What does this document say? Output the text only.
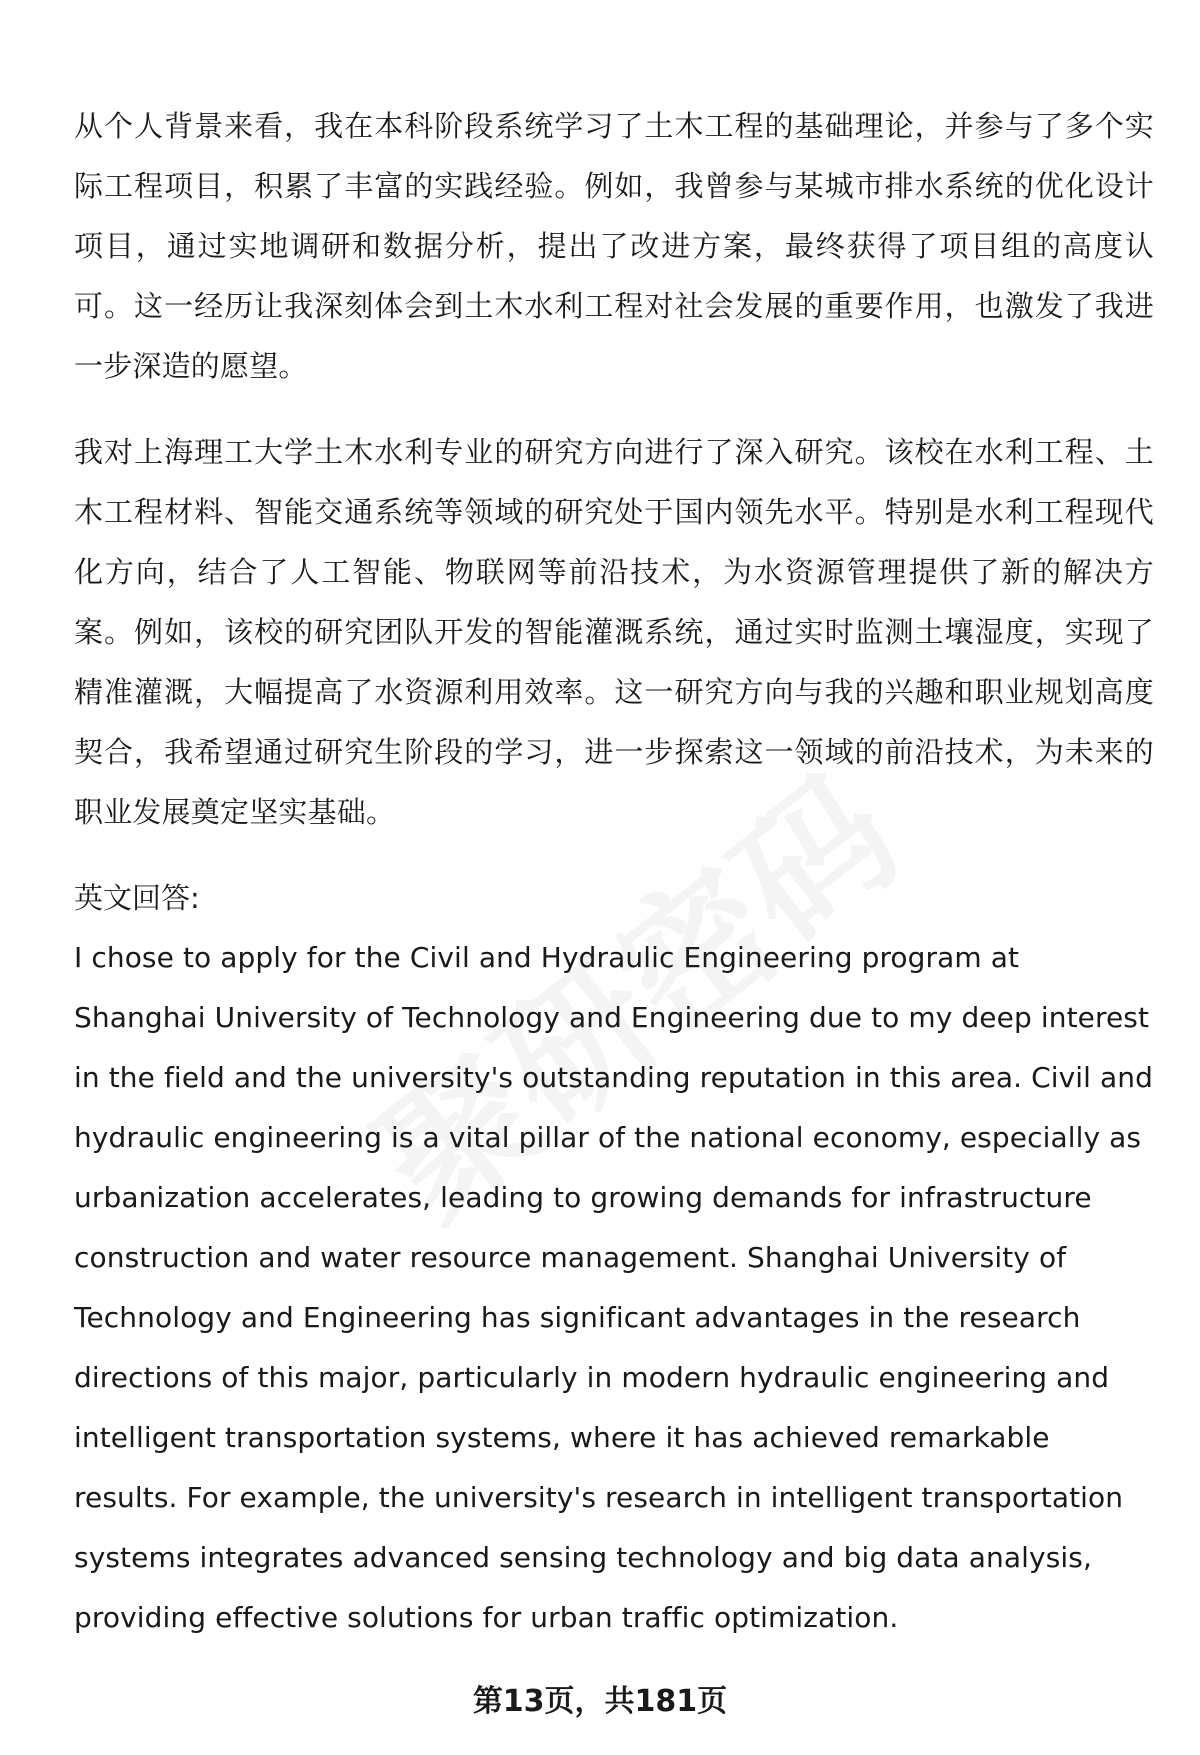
从个人背景来看，我在本科阶段系统学习了土木工程的基础理论，并参与了多个实际工程项目，积累了丰富的实践经验。例如，我曾参与某城市排水系统的优化设计项目，通过实地调研和数据分析，提出了改进方案，最终获得了项目组的高度认可。这一经历让我深刻体会到土木水利工程对社会发展的重要作用，也激发了我进一步深造的愿望。

我对上海理工大学土木水利专业的研究方向进行了深入研究。该校在水利工程、土木工程材料、智能交通系统等领域的研究处于国内领先水平。特别是水利工程现代化方向，结合了人工智能、物联网等前沿技术，为水资源管理提供了新的解决方案。例如，该校的研究团队开发的智能灌溉系统，通过实时监测土壤湿度，实现了精准灌溉，大幅提高了水资源利用效率。这一研究方向与我的兴趣和职业规划高度契合，我希望通过研究生阶段的学习，进一步探索这一领域的前沿技术，为未来的职业发展奠定坚实基础。

英文回答:

I chose to apply for the Civil and Hydraulic Engineering program at Shanghai University of Technology and Engineering due to my deep interest in the field and the university's outstanding reputation in this area. Civil and hydraulic engineering is a vital pillar of the national economy, especially as urbanization accelerates, leading to growing demands for infrastructure construction and water resource management. Shanghai University of Technology and Engineering has significant advantages in the research directions of this major, particularly in modern hydraulic engineering and intelligent transportation systems, where it has achieved remarkable results. For example, the university's research in intelligent transportation systems integrates advanced sensing technology and big data analysis, providing effective solutions for urban traffic optimization.

第13页，共181页
